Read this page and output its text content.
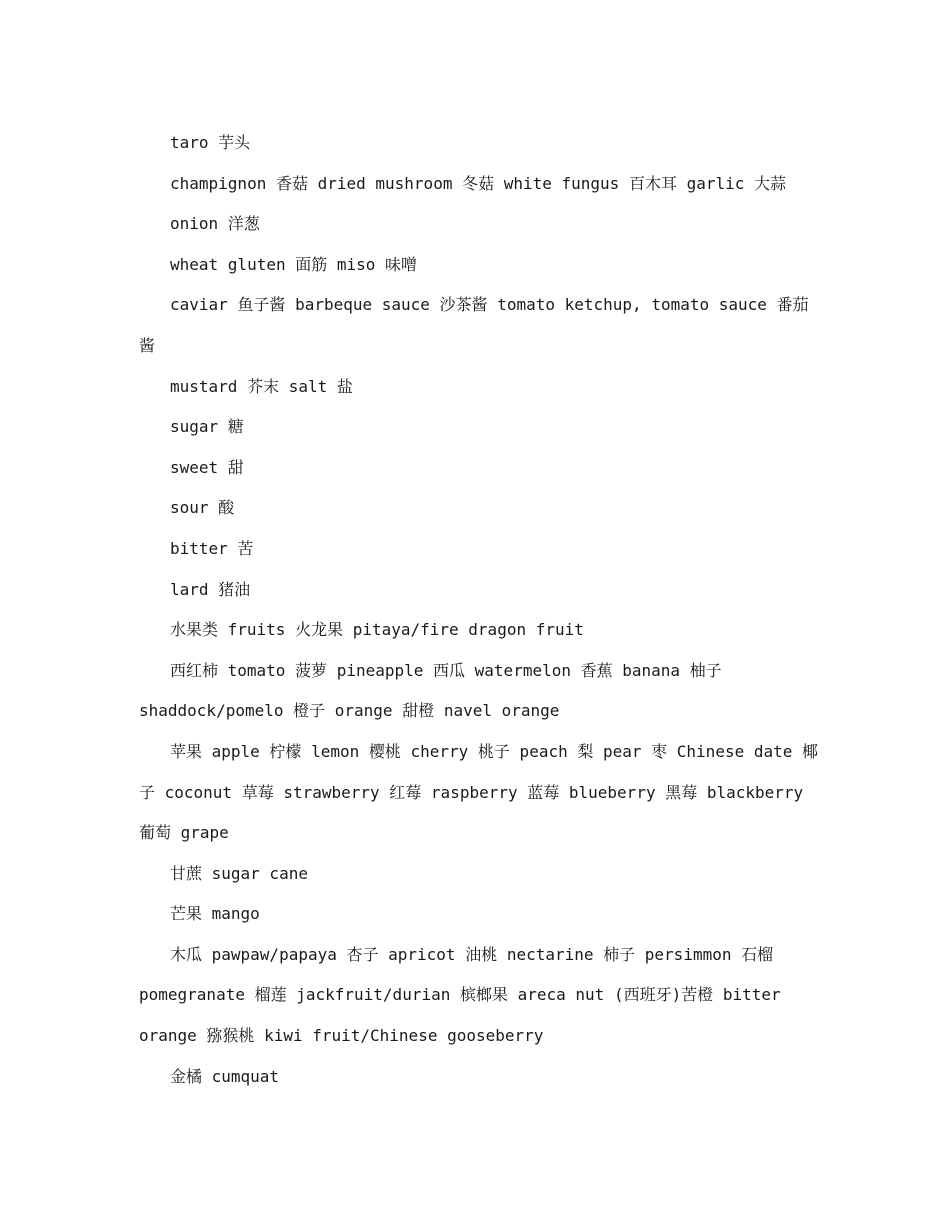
taro 芋头

champignon 香菇 dried mushroom 冬菇 white fungus 百木耳 garlic 大蒜

onion 洋葱

wheat gluten 面筋 miso 味噌

caviar 鱼子酱 barbeque sauce 沙茶酱 tomato ketchup, tomato sauce 番茄酱

mustard 芥末 salt 盐

sugar 糖

sweet 甜

sour 酸

bitter 苦

lard 猪油

水果类 fruits 火龙果 pitaya/fire dragon fruit

西红柿 tomato 菠萝 pineapple 西瓜 watermelon 香蕉 banana 柚子 shaddock/pomelo 橙子 orange 甜橙 navel orange

苹果 apple 柠檬 lemon 樱桃 cherry 桃子 peach 梨 pear 枣 Chinese date 椰子 coconut 草莓 strawberry 红莓 raspberry 蓝莓 blueberry 黑莓 blackberry 葡萄 grape

甘蔗 sugar cane

芒果 mango

木瓜 pawpaw/papaya 杏子 apricot 油桃 nectarine 柿子 persimmon 石榴 pomegranate 榴莲 jackfruit/durian 槟榔果 areca nut (西班牙)苦橙 bitter orange 猕猴桃 kiwi fruit/Chinese gooseberry

金橘 cumquat
